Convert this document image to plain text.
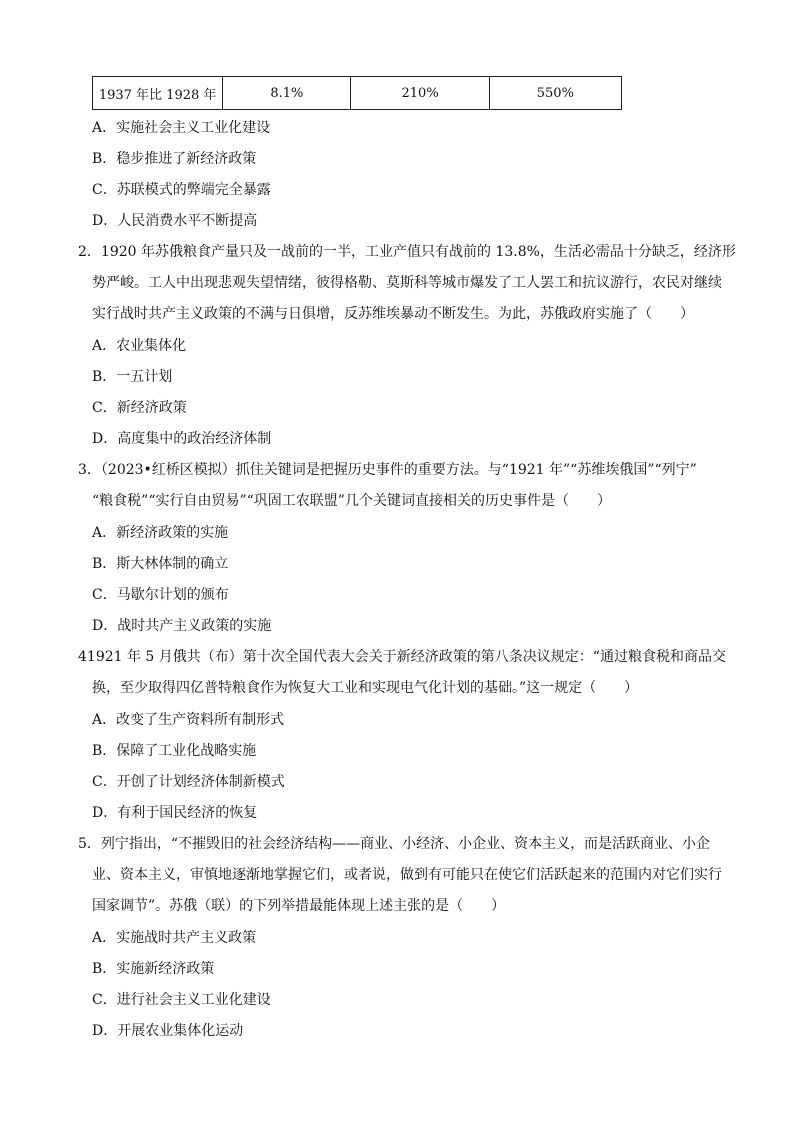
1937 年比 1928 年	8.1%	210%	550%
A．实施社会主义工业化建设
B．稳步推进了新经济政策
C．苏联模式的弊端完全暴露
D．人民消费水平不断提高
2．1920 年苏俄粮食产量只及一战前的一半，工业产值只有战前的 13.8%，生活必需品十分缺乏，经济形
势严峻。工人中出现悲观失望情绪，彼得格勒、莫斯科等城市爆发了工人罢工和抗议游行，农民对继续
实行战时共产主义政策的不满与日俱增，反苏维埃暴动不断发生。为此，苏俄政府实施了（　　）
A．农业集体化
B．一五计划
C．新经济政策
D．高度集中的政治经济体制
3．（2023•红桥区模拟）抓住关键词是把握历史事件的重要方法。与“1921 年”“苏维埃俄国”“列宁”
“粮食税”“实行自由贸易”“巩固工农联盟”几个关键词直接相关的历史事件是（　　）
A．新经济政策的实施
B．斯大林体制的确立
C．马歇尔计划的颁布
D．战时共产主义政策的实施
41921 年 5 月俄共（布）第十次全国代表大会关于新经济政策的第八条决议规定：“通过粮食税和商品交
换，至少取得四亿普特粮食作为恢复大工业和实现电气化计划的基础。”这一规定（　　）
A．改变了生产资料所有制形式
B．保障了工业化战略实施
C．开创了计划经济体制新模式
D．有利于国民经济的恢复
5．列宁指出，“不摧毁旧的社会经济结构——商业、小经济、小企业、资本主义，而是活跃商业、小企
业、资本主义，审慎地逐渐地掌握它们，或者说，做到有可能只在使它们活跃起来的范围内对它们实行
国家调节”。苏俄（联）的下列举措最能体现上述主张的是（　　）
A．实施战时共产主义政策
B．实施新经济政策
C．进行社会主义工业化建设
D．开展农业集体化运动
